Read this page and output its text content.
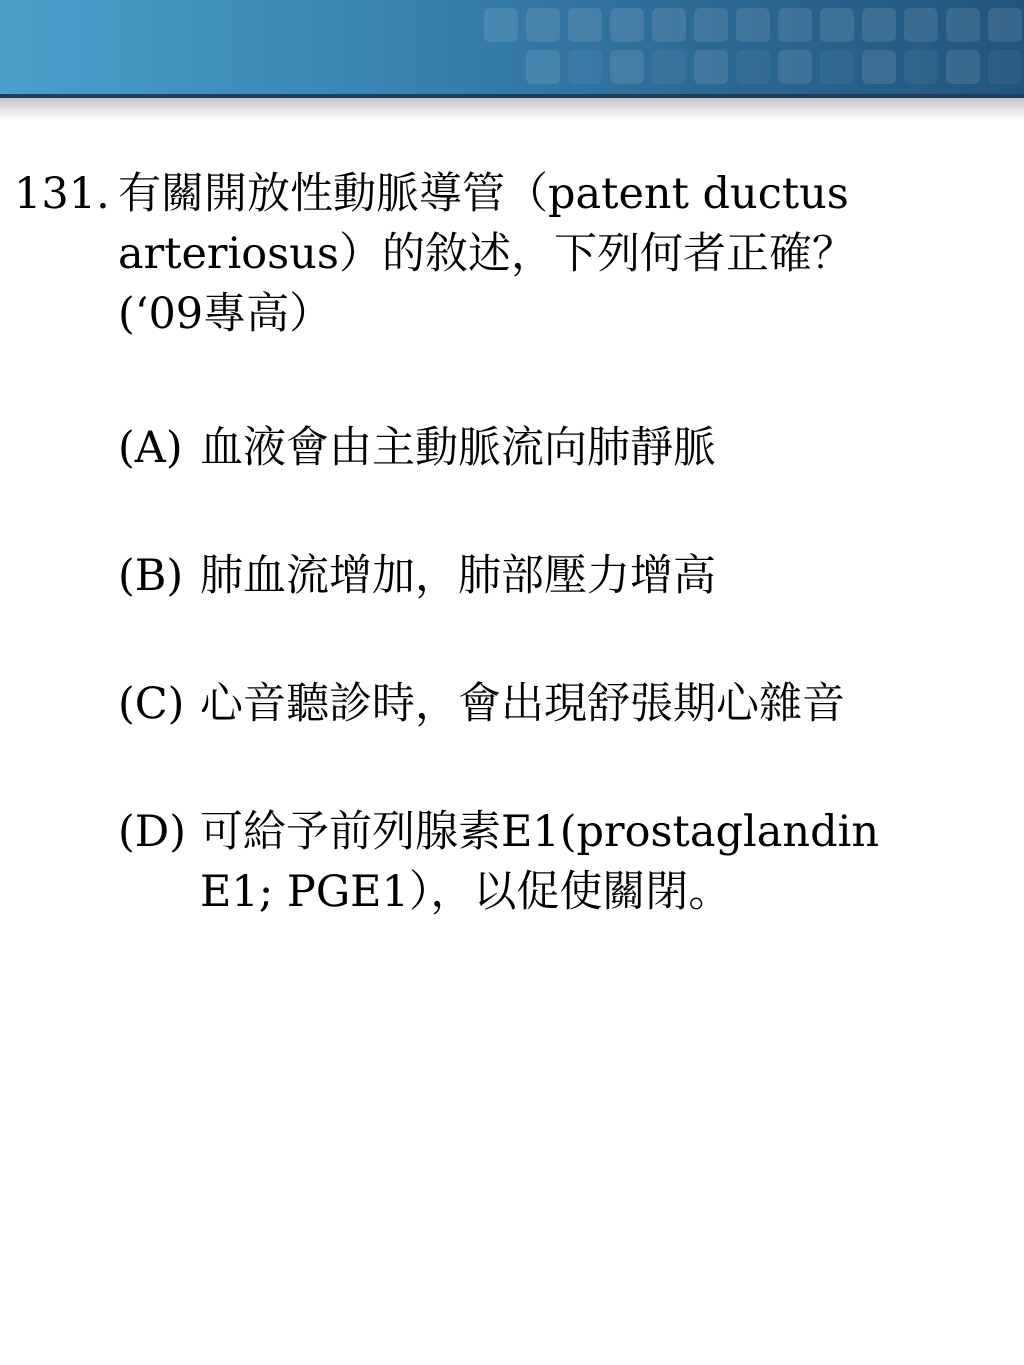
131. 有關開放性動脈導管（patent ductus
arteriosus）的敘述，下列何者正確？
(‘09專高）
(A) 血液會由主動脈流向肺靜脈
(B) 肺血流增加，肺部壓力增高
(C) 心音聽診時，會出現舒張期心雜音
(D) 可給予前列腺素E1(prostaglandin
E1; PGE1），以促使關閉。
